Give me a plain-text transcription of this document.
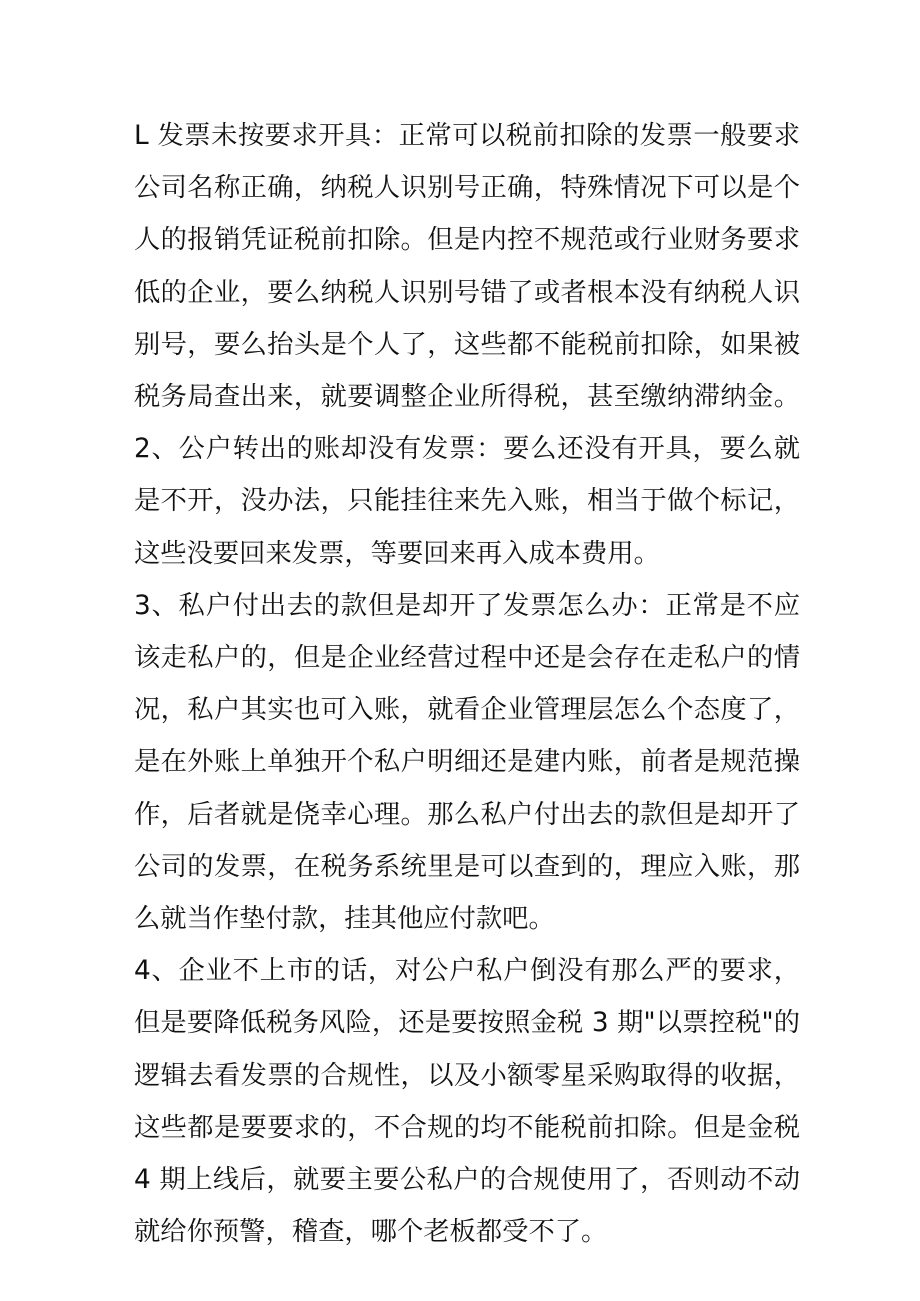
L 发票未按要求开具：正常可以税前扣除的发票一般要求公司名称正确，纳税人识别号正确，特殊情况下可以是个人的报销凭证税前扣除。但是内控不规范或行业财务要求低的企业，要么纳税人识别号错了或者根本没有纳税人识别号，要么抬头是个人了，这些都不能税前扣除，如果被税务局查出来，就要调整企业所得税，甚至缴纳滞纳金。2、公户转出的账却没有发票：要么还没有开具，要么就是不开，没办法，只能挂往来先入账，相当于做个标记，这些没要回来发票，等要回来再入成本费用。

3、私户付出去的款但是却开了发票怎么办：正常是不应该走私户的，但是企业经营过程中还是会存在走私户的情况，私户其实也可入账，就看企业管理层怎么个态度了，是在外账上单独开个私户明细还是建内账，前者是规范操作，后者就是侥幸心理。那么私户付出去的款但是却开了公司的发票，在税务系统里是可以查到的，理应入账，那么就当作垫付款，挂其他应付款吧。

4、企业不上市的话，对公户私户倒没有那么严的要求，但是要降低税务风险，还是要按照金税 3 期"以票控税"的逻辑去看发票的合规性，以及小额零星采购取得的收据，这些都是要要求的，不合规的均不能税前扣除。但是金税 4 期上线后，就要主要公私户的合规使用了，否则动不动就给你预警，稽查，哪个老板都受不了。
